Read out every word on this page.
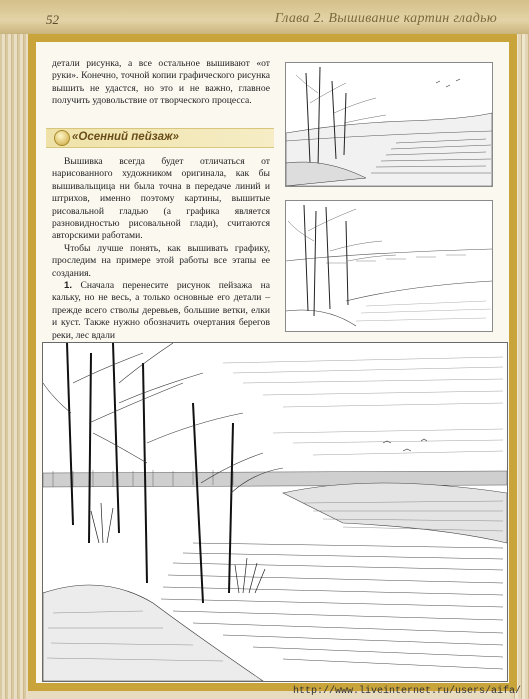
52	Глава 2. Вышивание картин гладью

детали рисунка, а все остальное вышивают «от руки». Конечно, точной копии графического рисунка вышить не удастся, но это и не важно, главное получить удовольствие от творческого процесса.

«Осенний пейзаж»

Вышивка всегда будет отличаться от нарисованного художником оригинала, как бы вышивальщица ни была точна в передаче линий и штрихов, именно поэтому картины, вышитые рисовальной гладью (а графика является разновидностью рисовальной глади), считаются авторскими работами.

Чтобы лучше понять, как вышивать графику, проследим на примере этой работы все этапы ее создания.

1. Сначала перенесите рисунок пейзажа на кальку, но не весь, а только основные его детали – прежде всего стволы деревьев, большие ветки, елки и куст. Также нужно обозначить очертания берегов реки, лес вдали

http://www.liveinternet.ru/users/aifa/
